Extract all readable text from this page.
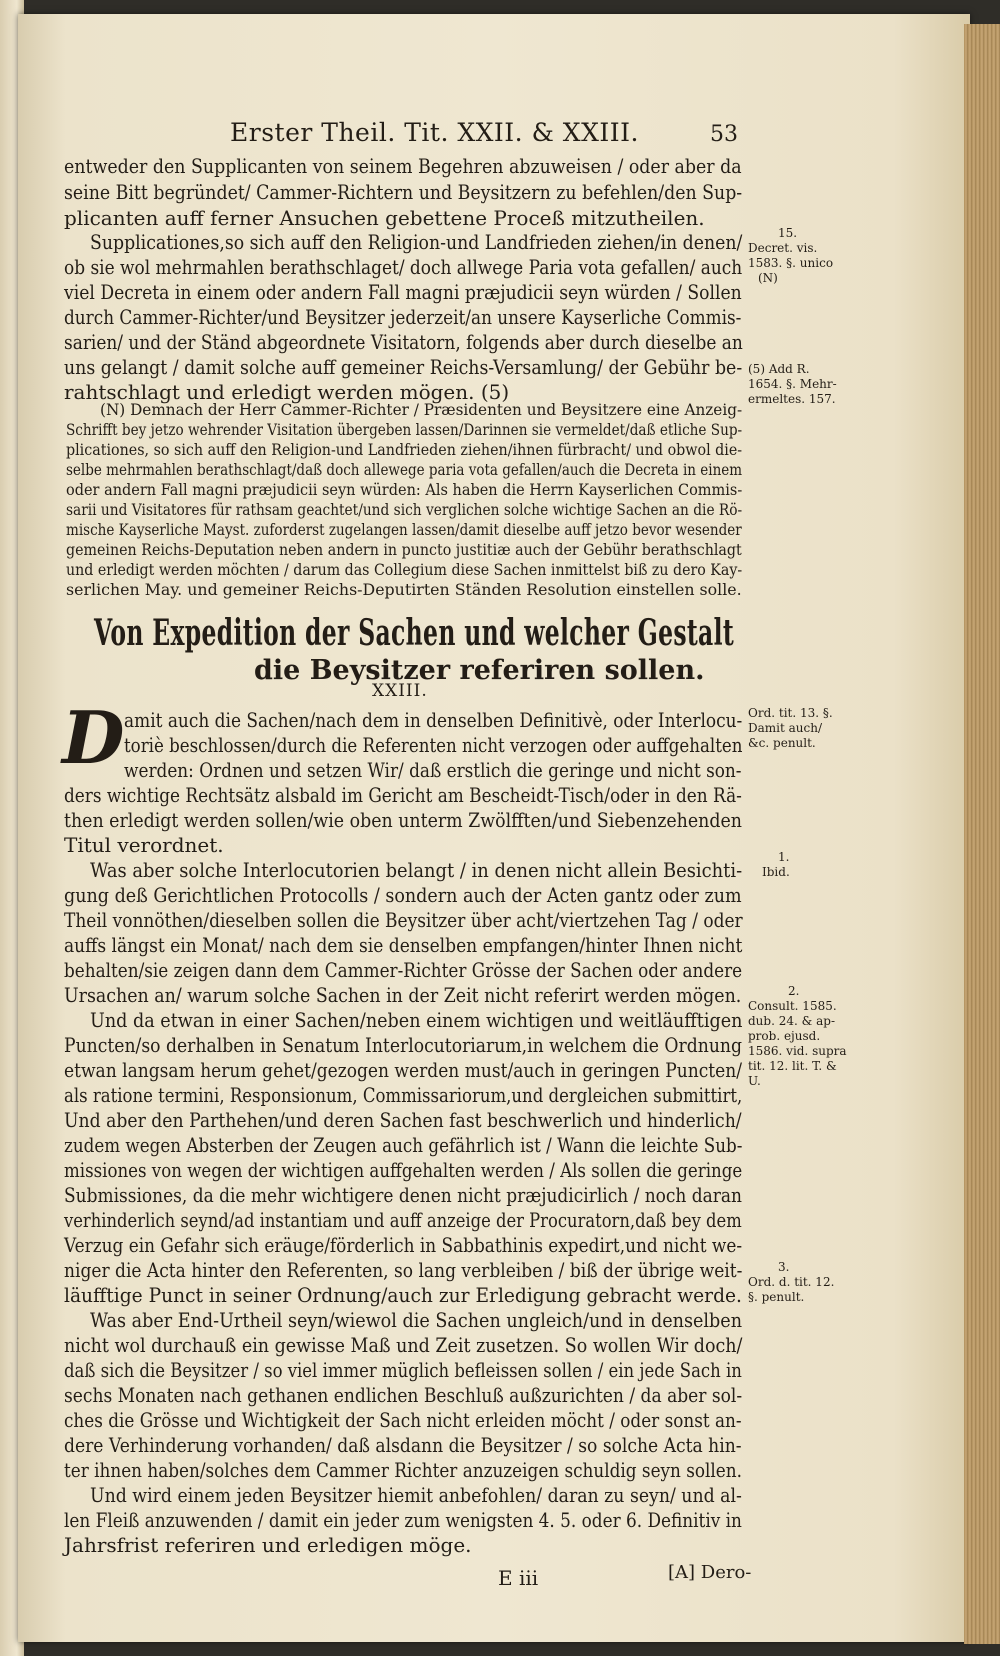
Erster Theil. Tit. XXII. & XXIII.	53
entweder den Supplicanten von seinem Begehren abzuweisen / oder aber da
seine Bitt begründet/ Cammer-Richtern und Beysitzern zu befehlen/den Sup-
plicanten auff ferner Ansuchen gebettene Proceß mitzutheilen.
Supplicationes,so sich auff den Religion-und Landfrieden ziehen/in denen/
ob sie wol mehrmahlen berathschlaget/ doch allwege Paria vota gefallen/ auch
viel Decreta in einem oder andern Fall magni præjudicii seyn würden / Sollen
durch Cammer-Richter/und Beysitzer jederzeit/an unsere Kayserliche Commis-
sarien/ und der Ständ abgeordnete Visitatorn, folgends aber durch dieselbe an
uns gelangt / damit solche auff gemeiner Reichs-Versamlung/ der Gebühr be-
rahtschlagt und erledigt werden mögen. (5)
(N) Demnach der Herr Cammer-Richter / Præsidenten und Beysitzere eine Anzeig-
Schrifft bey jetzo wehrender Visitation übergeben lassen/Darinnen sie vermeldet/daß etliche Sup-
plicationes, so sich auff den Religion-und Landfrieden ziehen/ihnen fürbracht/ und obwol die-
selbe mehrmahlen berathschlagt/daß doch allewege paria vota gefallen/auch die Decreta in einem
oder andern Fall magni præjudicii seyn würden: Als haben die Herrn Kayserlichen Commis-
sarii und Visitatores für rathsam geachtet/und sich verglichen solche wichtige Sachen an die Rö-
mische Kayserliche Mayst. zuforderst zugelangen lassen/damit dieselbe auff jetzo bevor wesender
gemeinen Reichs-Deputation neben andern in puncto justitiæ auch der Gebühr berathschlagt
und erledigt werden möchten / darum das Collegium diese Sachen inmittelst biß zu dero Kay-
serlichen May. und gemeiner Reichs-Deputirten Ständen Resolution einstellen solle.
Von Expedition der Sachen und welcher Gestalt
die Beysitzer referiren sollen.
XXIII.
D amit auch die Sachen/nach dem in denselben Definitivè, oder Interlocu-
toriè beschlossen/durch die Referenten nicht verzogen oder auffgehalten
werden: Ordnen und setzen Wir/ daß erstlich die geringe und nicht son-
ders wichtige Rechtsätz alsbald im Gericht am Bescheidt-Tisch/oder in den Rä-
then erledigt werden sollen/wie oben unterm Zwölfften/und Siebenzehenden
Titul verordnet.
Was aber solche Interlocutorien belangt / in denen nicht allein Besichti-
gung deß Gerichtlichen Protocolls / sondern auch der Acten gantz oder zum
Theil vonnöthen/dieselben sollen die Beysitzer über acht/viertzehen Tag / oder
auffs längst ein Monat/ nach dem sie denselben empfangen/hinter Ihnen nicht
behalten/sie zeigen dann dem Cammer-Richter Grösse der Sachen oder andere
Ursachen an/ warum solche Sachen in der Zeit nicht referirt werden mögen.
Und da etwan in einer Sachen/neben einem wichtigen und weitläufftigen
Puncten/so derhalben in Senatum Interlocutoriarum,in welchem die Ordnung
etwan langsam herum gehet/gezogen werden must/auch in geringen Puncten/
als ratione termini, Responsionum, Commissariorum,und dergleichen submittirt,
Und aber den Parthehen/und deren Sachen fast beschwerlich und hinderlich/
zudem wegen Absterben der Zeugen auch gefährlich ist / Wann die leichte Sub-
missiones von wegen der wichtigen auffgehalten werden / Als sollen die geringe
Submissiones, da die mehr wichtigere denen nicht præjudicirlich / noch daran
verhinderlich seynd/ad instantiam und auff anzeige der Procuratorn,daß bey dem
Verzug ein Gefahr sich eräuge/förderlich in Sabbathinis expedirt,und nicht we-
niger die Acta hinter den Referenten, so lang verbleiben / biß der übrige weit-
läufftige Punct in seiner Ordnung/auch zur Erledigung gebracht werde.
Was aber End-Urtheil seyn/wiewol die Sachen ungleich/und in denselben
nicht wol durchauß ein gewisse Maß und Zeit zusetzen. So wollen Wir doch/
daß sich die Beysitzer / so viel immer müglich befleissen sollen / ein jede Sach in
sechs Monaten nach gethanen endlichen Beschluß außzurichten / da aber sol-
ches die Grösse und Wichtigkeit der Sach nicht erleiden möcht / oder sonst an-
dere Verhinderung vorhanden/ daß alsdann die Beysitzer / so solche Acta hin-
ter ihnen haben/solches dem Cammer Richter anzuzeigen schuldig seyn sollen.
Und wird einem jeden Beysitzer hiemit anbefohlen/ daran zu seyn/ und al-
len Fleiß anzuwenden / damit ein jeder zum wenigsten 4. 5. oder 6. Definitiv in
Jahrsfrist referiren und erledigen möge.
15.
Decret. vis.
1583. §. unico
(N)
(5) Add R.
1654. §. Mehr-
ermeltes. 157.
Ord. tit. 13. §.
Damit auch/
&c. penult.
1.
Ibid.
2.
Consult. 1585.
dub. 24. & ap-
prob. ejusd.
1586. vid. supra
tit. 12. lit. T. &
U.
3.
Ord. d. tit. 12.
§. penult.
E iii	[A] Dero-
